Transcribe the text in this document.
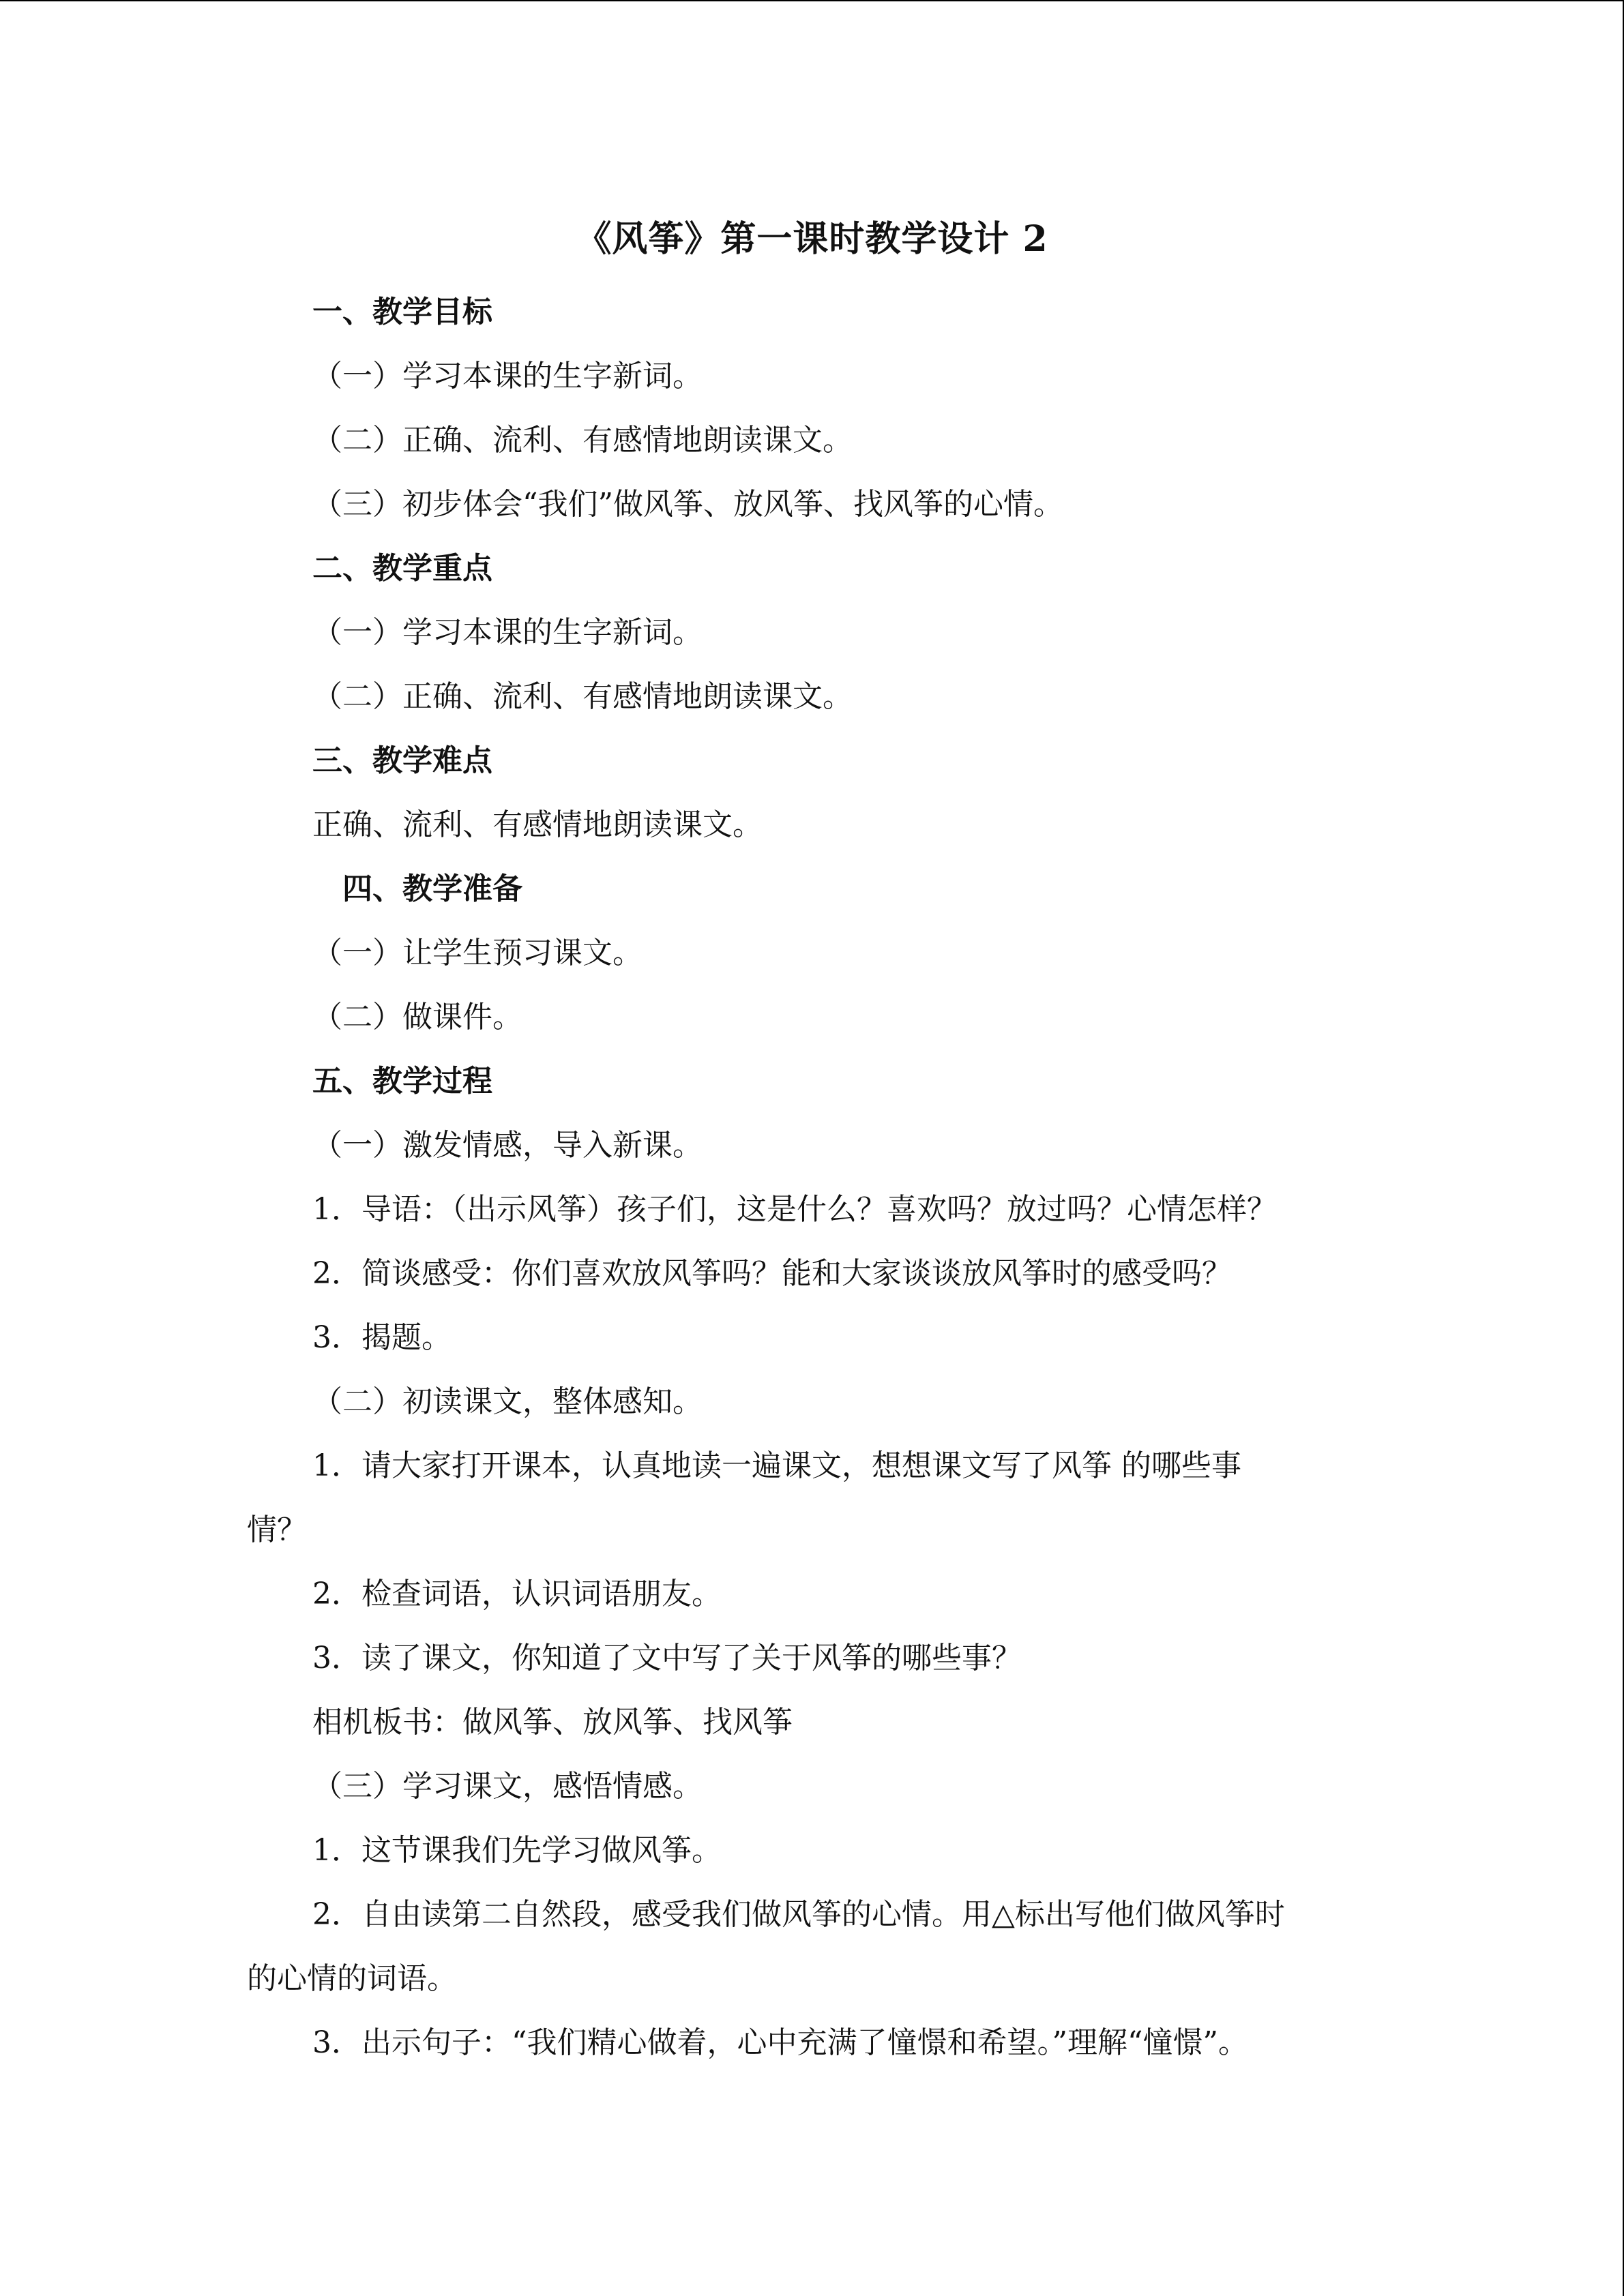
《风筝》第一课时教学设计 2
一、教学目标
（一）学习本课的生字新词。
（二）正确、流利、有感情地朗读课文。
（三）初步体会“我们”做风筝、放风筝、找风筝的心情。
二、教学重点
（一）学习本课的生字新词。
（二）正确、流利、有感情地朗读课文。
三、教学难点
正确、流利、有感情地朗读课文。
四、教学准备
（一）让学生预习课文。
（二）做课件。
五、教学过程
（一）激发情感，导入新课。
1．导语：（出示风筝）孩子们，这是什么？喜欢吗？放过吗？心情怎样？
2．简谈感受：你们喜欢放风筝吗？能和大家谈谈放风筝时的感受吗？
3．揭题。
（二）初读课文，整体感知。
1．请大家打开课本，认真地读一遍课文，想想课文写了风筝 的哪些事
情？
2．检查词语，认识词语朋友。
3．读了课文，你知道了文中写了关于风筝的哪些事？
相机板书：做风筝、放风筝、找风筝
（三）学习课文，感悟情感。
1．这节课我们先学习做风筝。
2．自由读第二自然段，感受我们做风筝的心情。用△标出写他们做风筝时
的心情的词语。
3．出示句子：“我们精心做着，心中充满了憧憬和希望。”理解“憧憬”。
